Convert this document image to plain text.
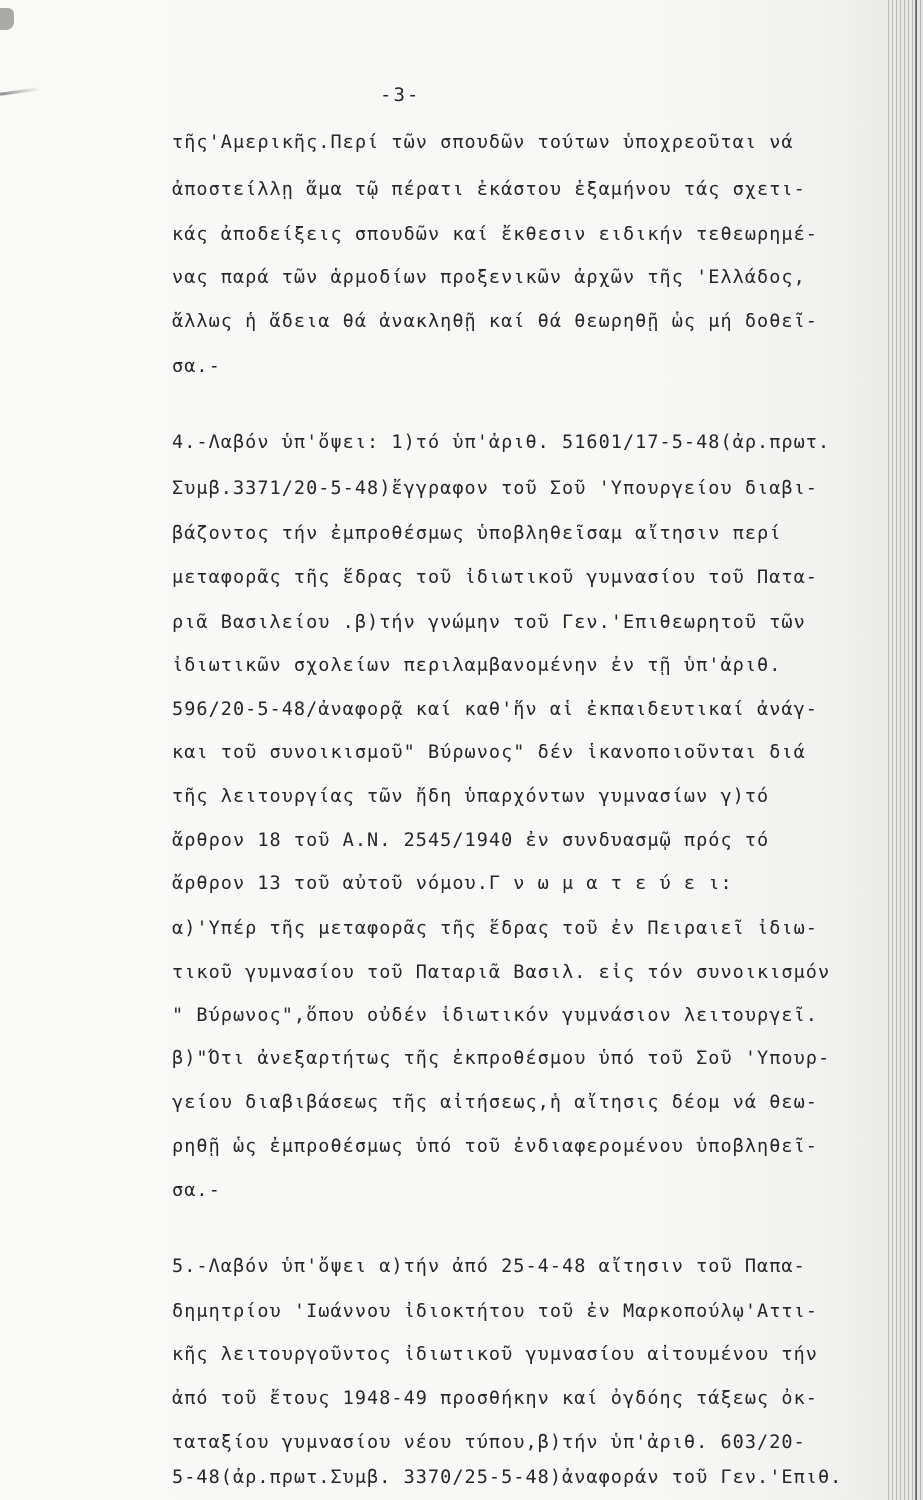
-3-
τῆς'Αμερικῆς.Περί τῶν σπουδῶν τούτων ὑποχρεοῦται νά
ἀποστείλλῃ ἅμα τῷ πέρατι ἑκάστου ἑξαμήνου τάς σχετι-
κάς ἀποδείξεις σπουδῶν καί ἔκθεσιν ειδικήν τεθεωρημέ-
νας παρά τῶν ἁρμοδίων προξενικῶν ἀρχῶν τῆς 'Ελλάδος,
ἄλλως ἡ ἄδεια θά ἀνακληθῇ καί θά θεωρηθῇ ὡς μή δοθεῖ-
σα.-
4.-Λαβόν ὑπ'ὄψει: 1)τό ὑπ'ἀριθ. 51601/17-5-48(ἀρ.πρωτ.
Συμβ.3371/20-5-48)ἔγγραφον τοῦ Σοῦ 'Υπουργείου διαβι-
βάζοντος τήν ἐμπροθέσμως ὑποβληθεῖσαμ αἴτησιν περί
μεταφορᾶς τῆς ἕδρας τοῦ ἰδιωτικοῦ γυμνασίου τοῦ Πατα-
ριᾶ Βασιλείου .β)τήν γνώμην τοῦ Γεν.'Επιθεωρητοῦ τῶν
ἰδιωτικῶν σχολείων περιλαμβανομένην ἐν τῇ ὑπ'ἀριθ.
596/20-5-48/ἀναφορᾷ καί καθ'ἥν αἱ ἐκπαιδευτικαί ἀνάγ-
και τοῦ συνοικισμοῦ" Βύρωνος" δέν ἱκανοποιοῦνται διά
τῆς λειτουργίας τῶν ἤδη ὑπαρχόντων γυμνασίων γ)τό
ἄρθρον 18 τοῦ Α.Ν. 2545/1940 ἐν συνδυασμῷ πρός τό
ἄρθρον 13 τοῦ αὐτοῦ νόμου.Γ ν ω μ α τ ε ύ ε ι:
α)'Υπέρ τῆς μεταφορᾶς τῆς ἕδρας τοῦ ἐν Πειραιεῖ ἰδιω-
τικοῦ γυμνασίου τοῦ Παταριᾶ Βασιλ. εἰς τόν συνοικισμόν
" Βύρωνος",ὅπου οὐδέν ἰδιωτικόν γυμνάσιον λειτουργεῖ.
β)"Ότι ἀνεξαρτήτως τῆς ἐκπροθέσμου ὑπό τοῦ Σοῦ 'Υπουρ-
γείου διαβιβάσεως τῆς αἰτήσεως,ἡ αἴτησις δέομ νά θεω-
ρηθῇ ὡς ἐμπροθέσμως ὑπό τοῦ ἐνδιαφερομένου ὑποβληθεῖ-
σα.-
5.-Λαβόν ὑπ'ὄψει α)τήν ἀπό 25-4-48 αἴτησιν τοῦ Παπα-
δημητρίου 'Ιωάννου ἰδιοκτήτου τοῦ ἐν Μαρκοπούλῳ'Αττι-
κῆς λειτουργοῦντος ἰδιωτικοῦ γυμνασίου αἰτουμένου τήν
ἀπό τοῦ ἔτους 1948-49 προσθήκην καί ὀγδόης τάξεως ὀκ-
ταταξίου γυμνασίου νέου τύπου,β)τήν ὑπ'ἀριθ. 603/20-
5-48(ἀρ.πρωτ.Συμβ. 3370/25-5-48)ἀναφοράν τοῦ Γεν.'Επιθ.
